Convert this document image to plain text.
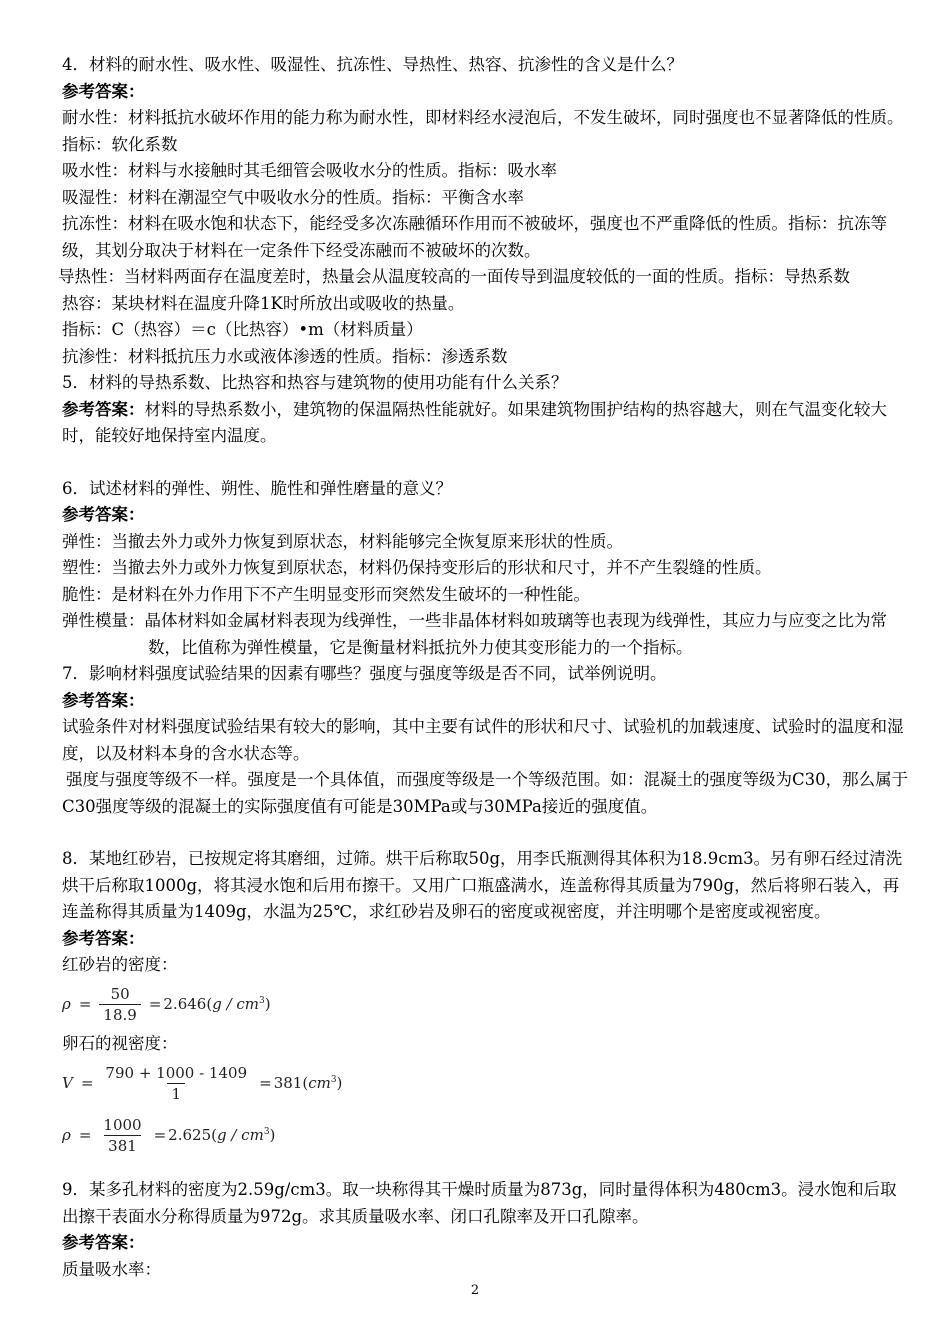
4．材料的耐水性、吸水性、吸湿性、抗冻性、导热性、热容、抗渗性的含义是什么？
参考答案：
耐水性：材料抵抗水破坏作用的能力称为耐水性，即材料经水浸泡后，不发生破坏，同时强度也不显著降低的性质。指标：软化系数
吸水性：材料与水接触时其毛细管会吸收水分的性质。指标：吸水率
吸湿性：材料在潮湿空气中吸收水分的性质。指标：平衡含水率
抗冻性：材料在吸水饱和状态下，能经受多次冻融循环作用而不被破坏，强度也不严重降低的性质。指标：抗冻等级，其划分取决于材料在一定条件下经受冻融而不被破坏的次数。
导热性：当材料两面存在温度差时，热量会从温度较高的一面传导到温度较低的一面的性质。指标：导热系数
热容：某块材料在温度升降1K时所放出或吸收的热量。
指标：C（热容）＝c（比热容）•m（材料质量）
抗渗性：材料抵抗压力水或液体渗透的性质。指标：渗透系数
5．材料的导热系数、比热容和热容与建筑物的使用功能有什么关系？
参考答案：材料的导热系数小，建筑物的保温隔热性能就好。如果建筑物围护结构的热容越大，则在气温变化较大时，能较好地保持室内温度。
6．试述材料的弹性、朔性、脆性和弹性磨量的意义？
参考答案：
弹性：当撤去外力或外力恢复到原状态，材料能够完全恢复原来形状的性质。
塑性：当撤去外力或外力恢复到原状态，材料仍保持变形后的形状和尺寸，并不产生裂缝的性质。
脆性：是材料在外力作用下不产生明显变形而突然发生破坏的一种性能。
弹性模量：晶体材料如金属材料表现为线弹性，一些非晶体材料如玻璃等也表现为线弹性，其应力与应变之比为常数，比值称为弹性模量，它是衡量材料抵抗外力使其变形能力的一个指标。
7．影响材料强度试验结果的因素有哪些？强度与强度等级是否不同，试举例说明。
参考答案：
试验条件对材料强度试验结果有较大的影响，其中主要有试件的形状和尺寸、试验机的加载速度、试验时的温度和湿度，以及材料本身的含水状态等。
强度与强度等级不一样。强度是一个具体值，而强度等级是一个等级范围。如：混凝土的强度等级为C30，那么属于C30强度等级的混凝土的实际强度值有可能是30MPa或与30MPa接近的强度值。
8．某地红砂岩，已按规定将其磨细，过筛。烘干后称取50g，用李氏瓶测得其体积为18.9cm3。另有卵石经过清洗烘干后称取1000g，将其浸水饱和后用布擦干。又用广口瓶盛满水，连盖称得其质量为790g，然后将卵石装入，再连盖称得其质量为1409g，水温为25℃，求红砂岩及卵石的密度或视密度，并注明哪个是密度或视密度。
参考答案：
红砂岩的密度：
$\rho = \frac{50}{18.9} = 2.646$ $(g / cm^3)$
卵石的视密度：
$V = \frac{790 + 1000 - 1409}{1} = 381$ $(cm^3)$
$\rho = \frac{1000}{381} = 2.625$ $(g / cm^3)$
9．某多孔材料的密度为2.59g/cm3。取一块称得其干燥时质量为873g，同时量得体积为480cm3。浸水饱和后取出擦干表面水分称得质量为972g。求其质量吸水率、闭口孔隙率及开口孔隙率。
参考答案：
质量吸水率：
2
